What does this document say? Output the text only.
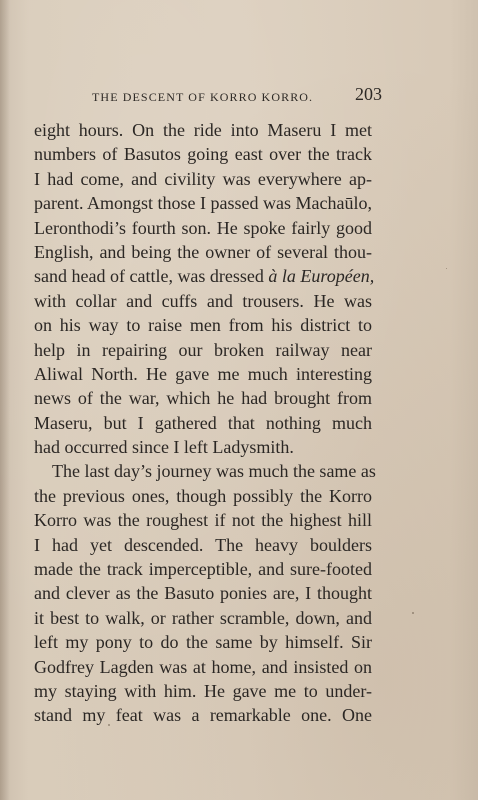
THE DESCENT OF KORRO KORRO. 203
eight hours. On the ride into Maseru I met
numbers of Basutos going east over the track
I had come, and civility was everywhere ap-
parent. Amongst those I passed was Machaūlo,
Leronthodi’s fourth son. He spoke fairly good
English, and being the owner of several thou-
sand head of cattle, was dressed à la Européen,
with collar and cuffs and trousers. He was
on his way to raise men from his district to
help in repairing our broken railway near
Aliwal North. He gave me much interesting
news of the war, which he had brought from
Maseru, but I gathered that nothing much
had occurred since I left Ladysmith.
The last day’s journey was much the same as
the previous ones, though possibly the Korro
Korro was the roughest if not the highest hill
I had yet descended. The heavy boulders
made the track imperceptible, and sure-footed
and clever as the Basuto ponies are, I thought
it best to walk, or rather scramble, down, and
left my pony to do the same by himself. Sir
Godfrey Lagden was at home, and insisted on
my staying with him. He gave me to under-
stand my feat was a remarkable one. One
